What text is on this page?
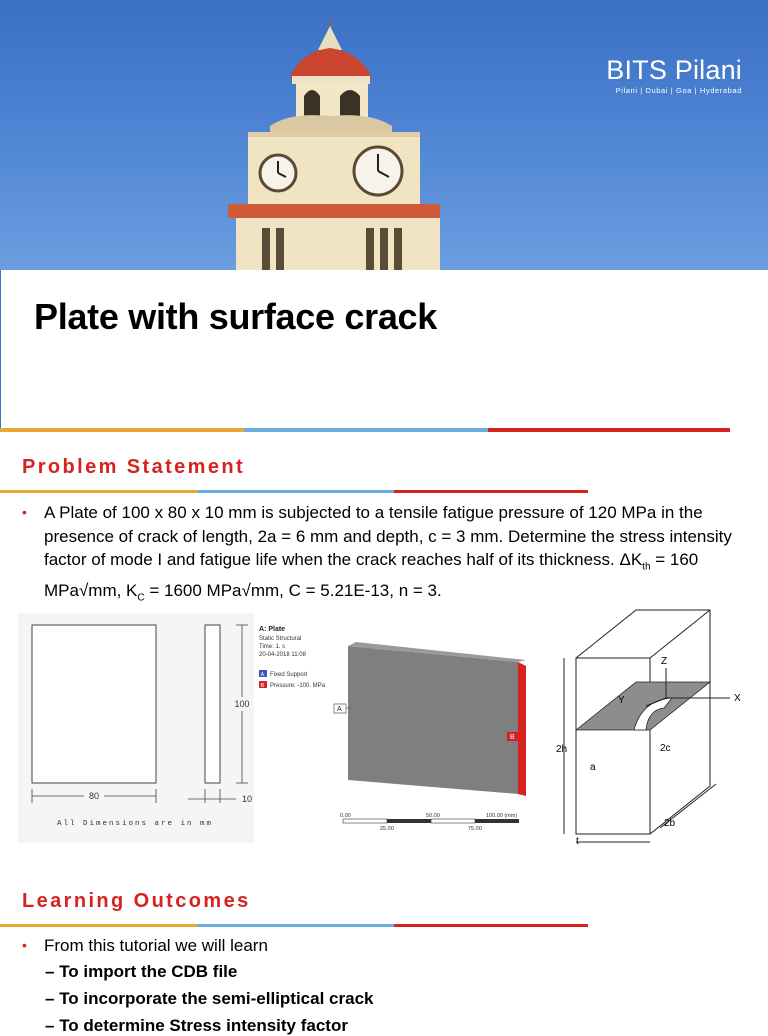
BITS Pilani
Pilani | Dubai | Goa | Hyderabad
Plate with surface crack
Problem Statement
•	A Plate of 100 x 80 x 10 mm is subjected to a tensile fatigue pressure of 120 MPa in the presence of crack of length, 2a = 6 mm and depth, c = 3 mm. Determine the stress intensity factor of mode I and fatigue life when the crack reaches half of its thickness. $\Delta K_{th} = 160$ MPa√mm, $K_C = 1600$ MPa√mm, C = 5.21E-13, n = 3.
80
100
10
All Dimensions are in mm
A: Plate
Static Structural
Time: 1. s
20-04-2018 11:08
A Fixed Support
B Pressure: -100. MPa
A
B
0.00	50.00	100.00 (mm)
25.00	75.00
Z
Y	X
2c
a
2h
t
2b
Learning Outcomes
•	From this tutorial we will learn
– To import the CDB file
– To incorporate the semi-elliptical crack
– To determine Stress intensity factor
